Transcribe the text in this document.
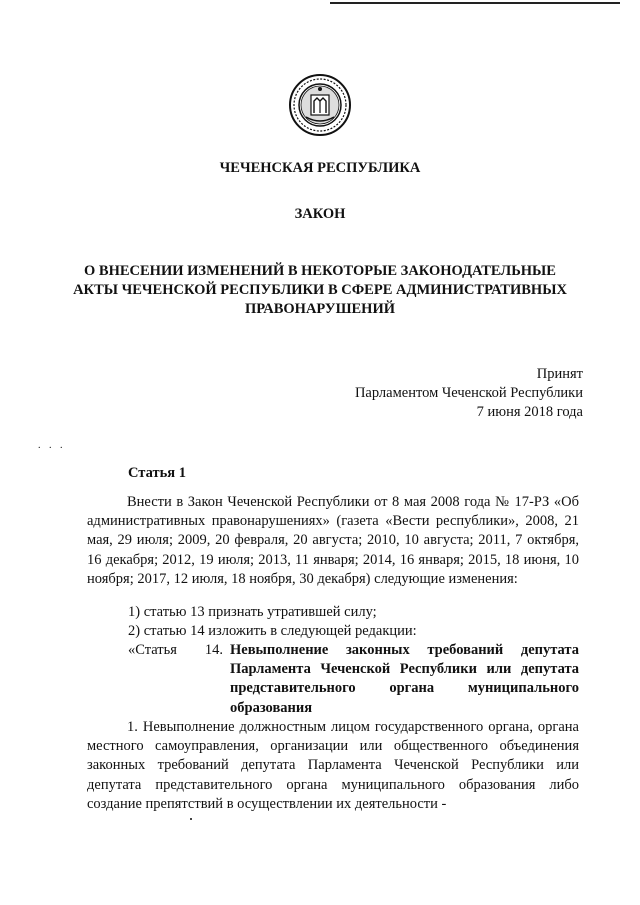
ЧЕЧЕНСКАЯ РЕСПУБЛИКА
ЗАКОН
О ВНЕСЕНИИ ИЗМЕНЕНИЙ В НЕКОТОРЫЕ ЗАКОНОДАТЕЛЬНЫЕ
АКТЫ ЧЕЧЕНСКОЙ РЕСПУБЛИКИ В СФЕРЕ АДМИНИСТРАТИВНЫХ
ПРАВОНАРУШЕНИЙ
Принят
Парламентом Чеченской Республики
7 июня 2018 года
. . .
Статья 1
Внести в Закон Чеченской Республики от 8 мая 2008 года № 17-РЗ «Об административных правонарушениях» (газета «Вести республики», 2008, 21 мая, 29 июля; 2009, 20 февраля, 20 августа; 2010, 10 августа; 2011, 7 октября, 16 декабря; 2012, 19 июля; 2013, 11 января; 2014, 16 января; 2015, 18 июня, 10 ноября; 2017, 12 июля, 18 ноября, 30 декабря) следующие изменения:
1) статью 13 признать утратившей силу;
2) статью 14 изложить в следующей редакции:
«Статья 14. Невыполнение законных требований депутата Парламента Чеченской Республики или депутата представительного органа муниципального образования
1. Невыполнение должностным лицом государственного органа, органа местного самоуправления, организации или общественного объединения законных требований депутата Парламента Чеченской Республики или депутата представительного органа муниципального образования либо создание препятствий в осуществлении их деятельности -
